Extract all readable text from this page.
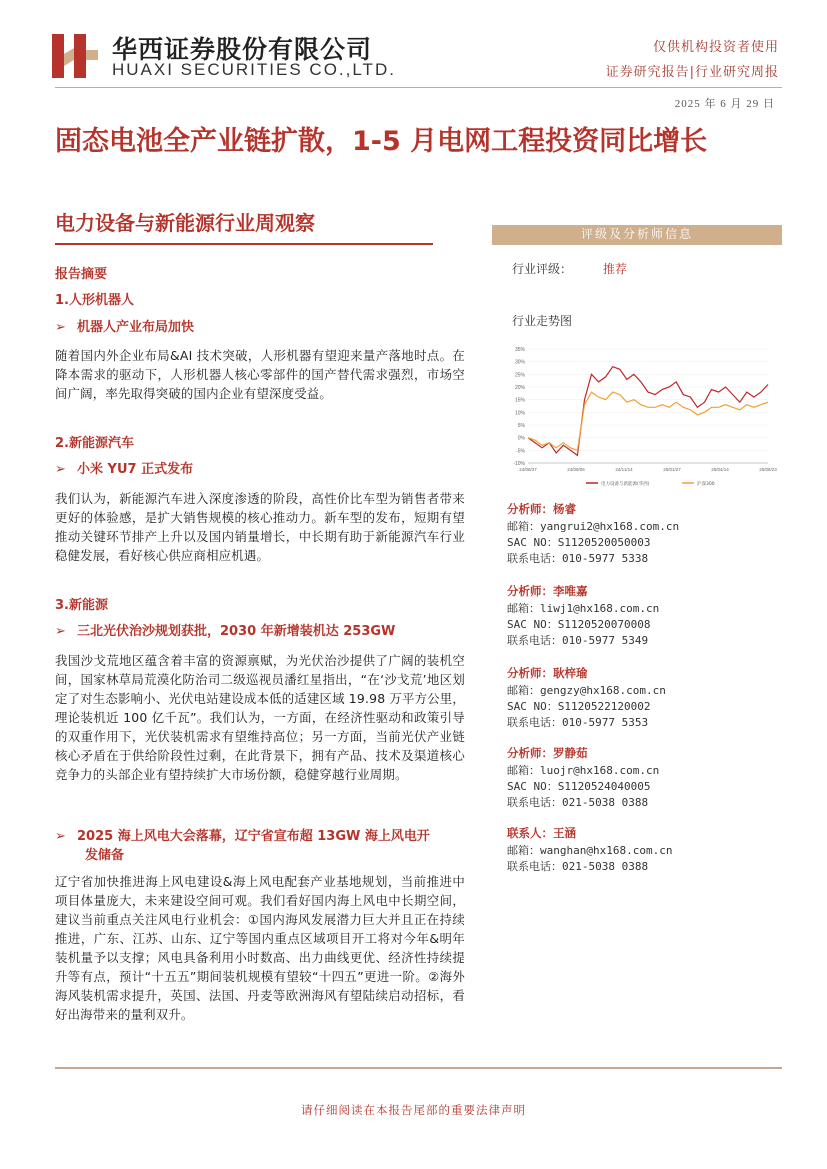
华西证券股份有限公司
HUAXI SECURITIES CO.,LTD.
仅供机构投资者使用
证券研究报告|行业研究周报
2025 年 6 月 29 日
固态电池全产业链扩散，1-5 月电网工程投资同比增长
电力设备与新能源行业周观察
报告摘要
1.人形机器人
➢ 机器人产业布局加快
随着国内外企业布局&AI 技术突破，人形机器有望迎来量产落地时点。在降本需求的驱动下，人形机器人核心零部件的国产替代需求强烈，市场空间广阔，率先取得突破的国内企业有望深度受益。
2.新能源汽车
➢ 小米 YU7 正式发布
我们认为，新能源汽车进入深度渗透的阶段，高性价比车型为销售者带来更好的体验感，是扩大销售规模的核心推动力。新车型的发布，短期有望推动关键环节排产上升以及国内销量增长，中长期有助于新能源汽车行业稳健发展，看好核心供应商相应机遇。
3.新能源
➢ 三北光伏治沙规划获批，2030 年新增装机达 253GW
我国沙戈荒地区蕴含着丰富的资源禀赋，为光伏治沙提供了广阔的装机空间，国家林草局荒漠化防治司二级巡视员潘红星指出，“在‘沙戈荒’地区划定了对生态影响小、光伏电站建设成本低的适建区域 19.98 万平方公里，理论装机近 100 亿千瓦”。我们认为，一方面，在经济性驱动和政策引导的双重作用下，光伏装机需求有望维持高位；另一方面，当前光伏产业链核心矛盾在于供给阶段性过剩，在此背景下，拥有产品、技术及渠道核心竞争力的头部企业有望持续扩大市场份额，稳健穿越行业周期。
➢ 2025 海上风电大会落幕，辽宁省宣布超 13GW 海上风电开
发储备
辽宁省加快推进海上风电建设&海上风电配套产业基地规划，当前推进中项目体量庞大，未来建设空间可观。我们看好国内海上风电中长期空间，建议当前重点关注风电行业机会：①国内海风发展潜力巨大并且正在持续推进，广东、江苏、山东、辽宁等国内重点区域项目开工将对今年&明年装机量予以支撑；风电具备利用小时数高、出力曲线更优、经济性持续提升等有点，预计“十五五”期间装机规模有望较“十四五”更进一阶。②海外海风装机需求提升，英国、法国、丹麦等欧洲海风有望陆续启动招标，看好出海带来的量利双升。
评级及分析师信息
行业评级：	推荐
行业走势图
-10%
-5%
0%
5%
10%
15%
20%
25%
30%
35%
24/06/27	24/09/05	24/11/14	25/01/27	25/04/14	25/06/23
电力设备与新能源(华西)	沪深300
分析师：杨睿
邮箱：yangrui2@hx168.com.cn
SAC NO：S1120520050003
联系电话：010-5977 5338
分析师：李唯嘉
邮箱：liwj1@hx168.com.cn
SAC NO：S1120520070008
联系电话：010-5977 5349
分析师：耿梓瑜
邮箱：gengzy@hx168.com.cn
SAC NO：S1120522120002
联系电话：010-5977 5353
分析师：罗静茹
邮箱：luojr@hx168.com.cn
SAC NO：S1120524040005
联系电话：021-5038 0388
联系人：王涵
邮箱：wanghan@hx168.com.cn
联系电话：021-5038 0388
请仔细阅读在本报告尾部的重要法律声明
